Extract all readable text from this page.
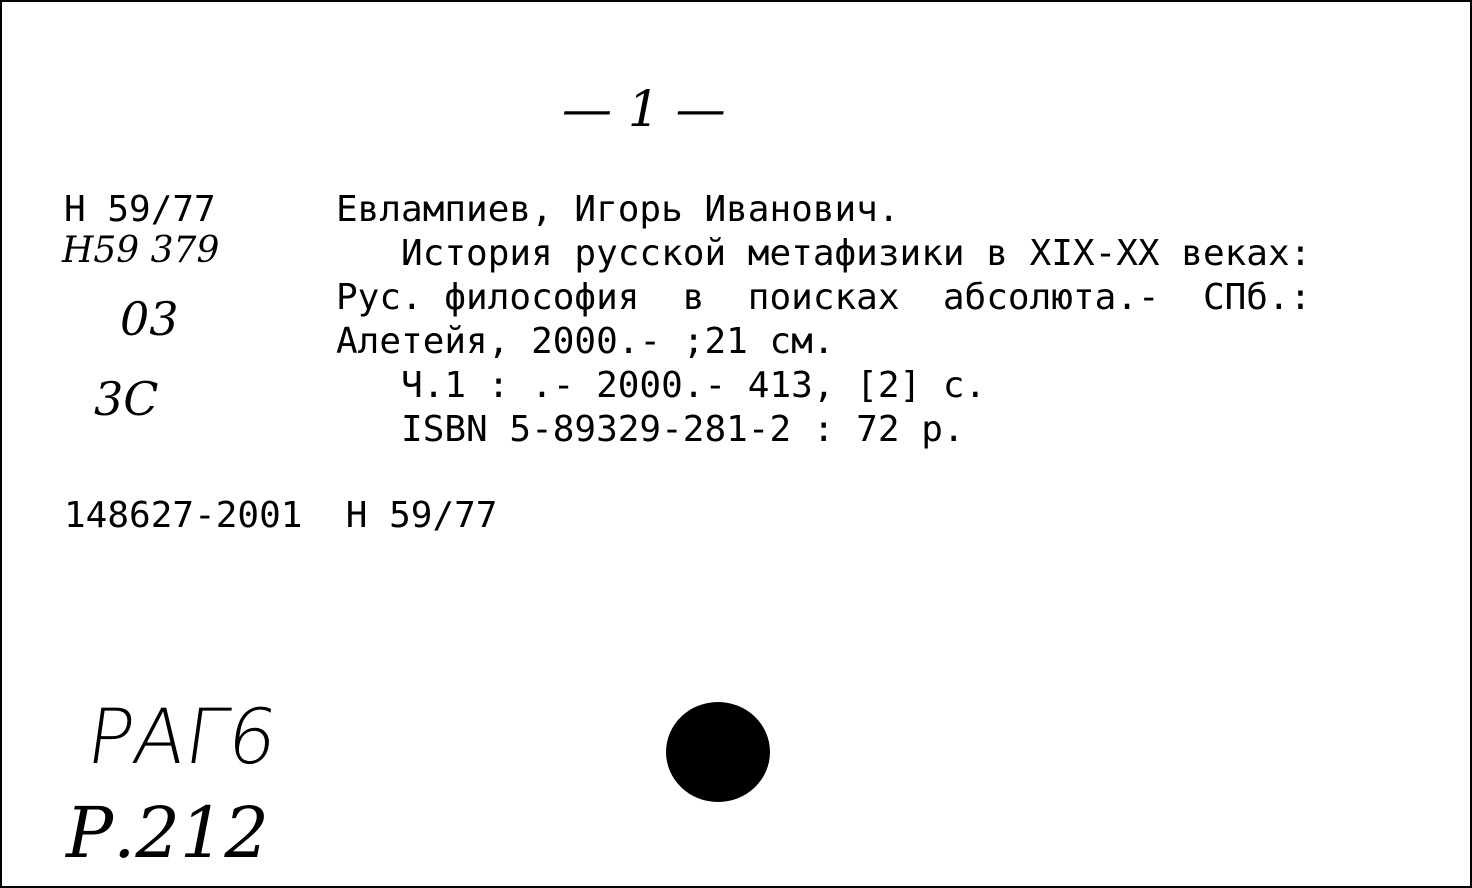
— 1 —
Н 59/77
Н59 379
03
3C
Евлампиев, Игорь Иванович.
История русской метафизики в XIX-XX веках:
Рус. философия  в  поисках  абсолюта.-  СПб.:
Алетейя, 2000.- ;21 см.
Ч.1 : .- 2000.- 413, [2] с.
ISBN 5-89329-281-2 : 72 р.
148627-2001  Н 59/77
РАГ6
Р.212
